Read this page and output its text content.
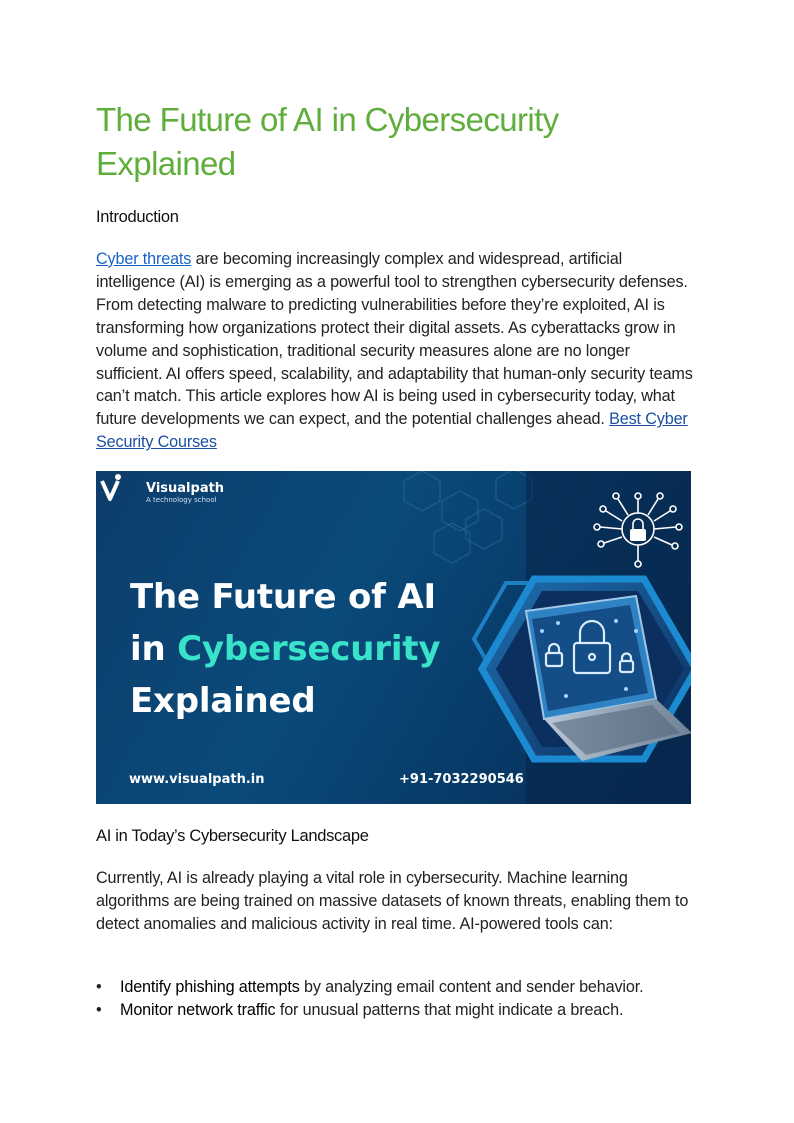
The Future of AI in Cybersecurity Explained
Introduction

Cyber threats are becoming increasingly complex and widespread, artificial intelligence (AI) is emerging as a powerful tool to strengthen cybersecurity defenses. From detecting malware to predicting vulnerabilities before they’re exploited, AI is transforming how organizations protect their digital assets. As cyberattacks grow in volume and sophistication, traditional security measures alone are no longer sufficient. AI offers speed, scalability, and adaptability that human-only security teams can’t match. This article explores how AI is being used in cybersecurity today, what future developments we can expect, and the potential challenges ahead. Best Cyber Security Courses

Visualpath
A technology school
The Future of AI
in Cybersecurity
Explained
www.visualpath.in	+91-7032290546
AI in Today’s Cybersecurity Landscape

Currently, AI is already playing a vital role in cybersecurity. Machine learning algorithms are being trained on massive datasets of known threats, enabling them to detect anomalies and malicious activity in real time. AI-powered tools can:

• Identify phishing attempts by analyzing email content and sender behavior.
• Monitor network traffic for unusual patterns that might indicate a breach.
